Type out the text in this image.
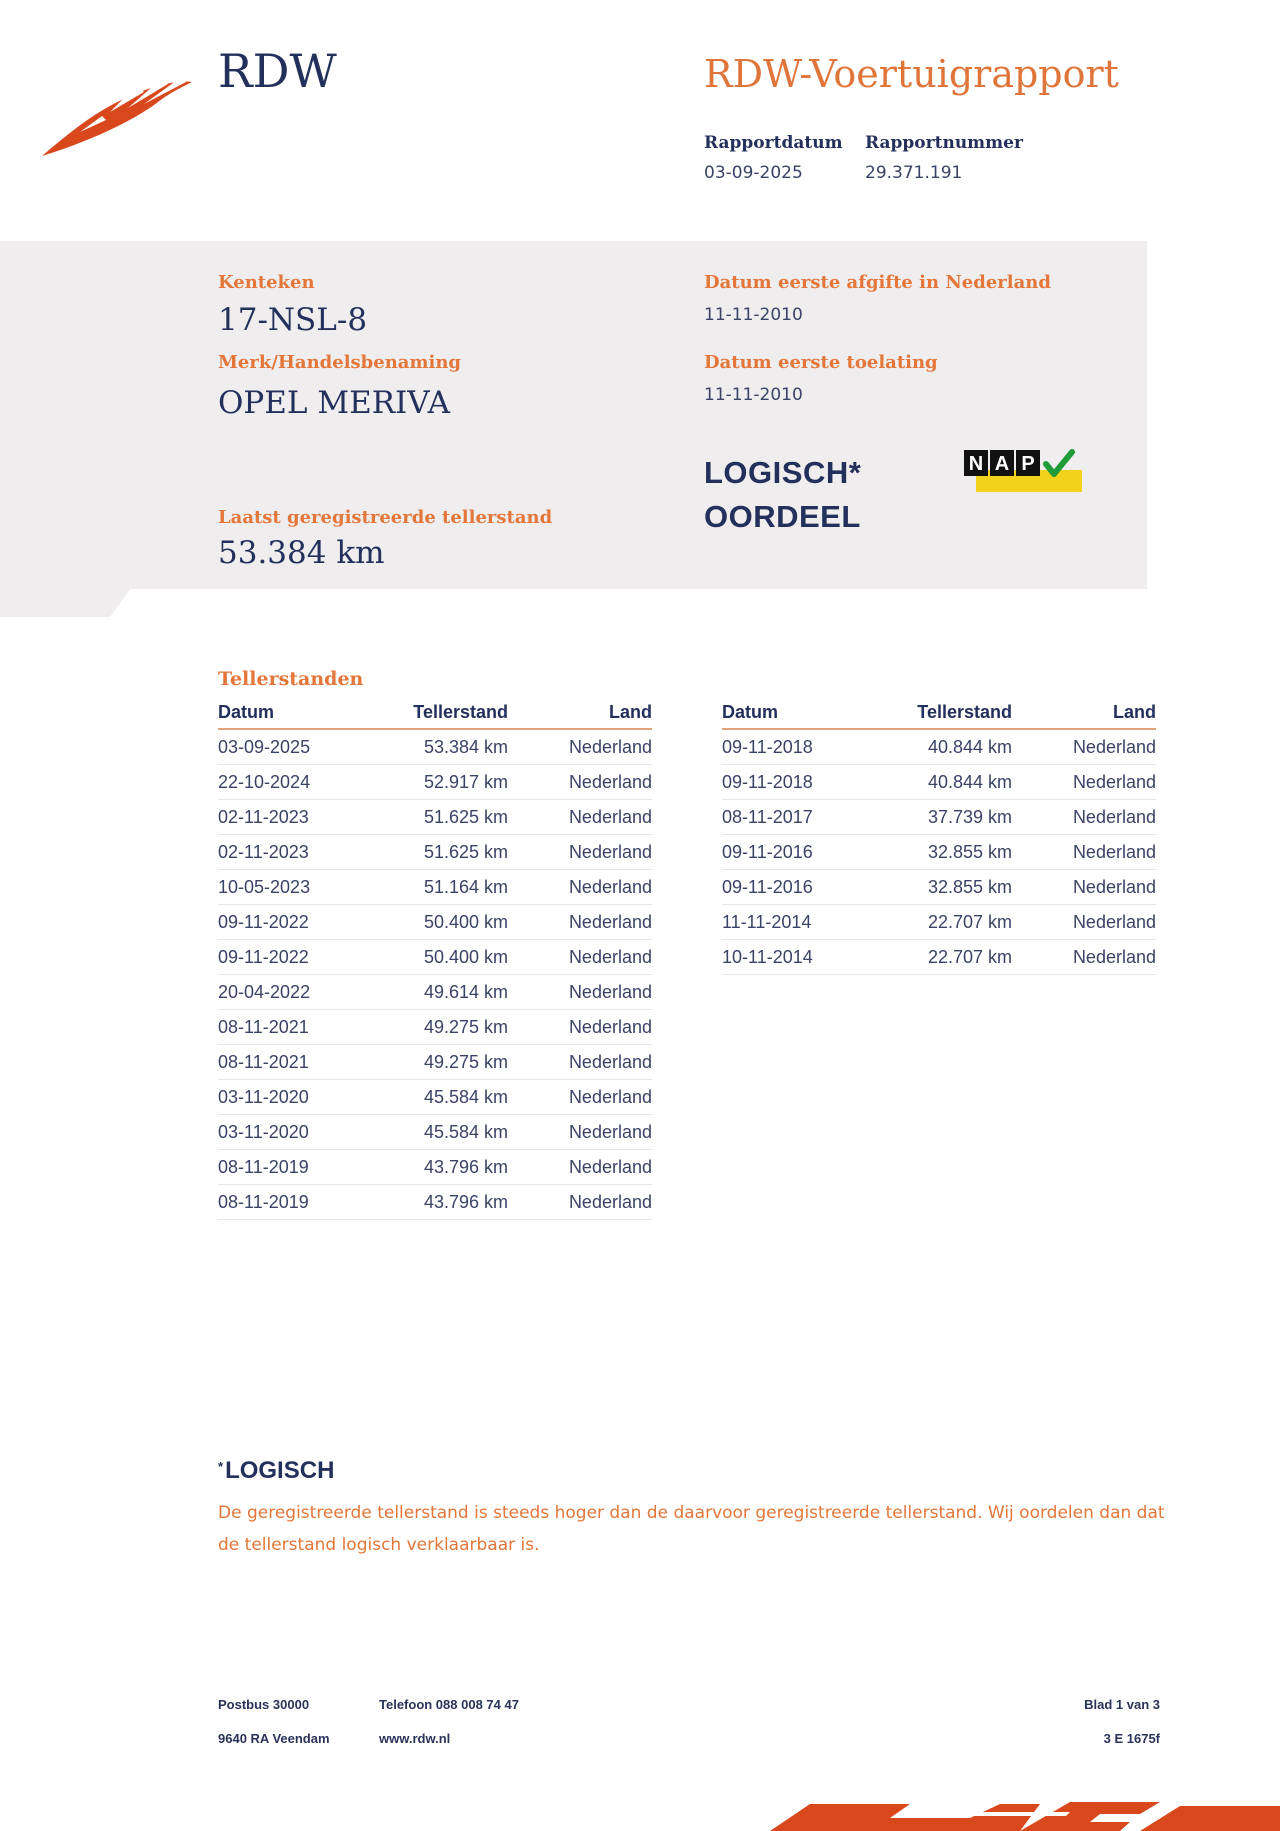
RDW	RDW-Voertuigrapport
Rapportdatum
03-09-2025
Rapportnummer
29.371.191
Kenteken
17-NSL-8
Merk/Handelsbenaming
OPEL MERIVA
Laatst geregistreerde tellerstand
53.384 km
Datum eerste afgifte in Nederland
11-11-2010
Datum eerste toelating
11-11-2010
LOGISCH*
OORDEEL
N A P
Tellerstanden
Datum	Tellerstand	Land
03-09-2025	53.384 km	Nederland
22-10-2024	52.917 km	Nederland
02-11-2023	51.625 km	Nederland
02-11-2023	51.625 km	Nederland
10-05-2023	51.164 km	Nederland
09-11-2022	50.400 km	Nederland
09-11-2022	50.400 km	Nederland
20-04-2022	49.614 km	Nederland
08-11-2021	49.275 km	Nederland
08-11-2021	49.275 km	Nederland
03-11-2020	45.584 km	Nederland
03-11-2020	45.584 km	Nederland
08-11-2019	43.796 km	Nederland
08-11-2019	43.796 km	Nederland
Datum	Tellerstand	Land
09-11-2018	40.844 km	Nederland
09-11-2018	40.844 km	Nederland
08-11-2017	37.739 km	Nederland
09-11-2016	32.855 km	Nederland
09-11-2016	32.855 km	Nederland
11-11-2014	22.707 km	Nederland
10-11-2014	22.707 km	Nederland
*LOGISCH
De geregistreerde tellerstand is steeds hoger dan de daarvoor geregistreerde tellerstand. Wij oordelen dan dat de tellerstand logisch verklaarbaar is.
Postbus 30000
9640 RA Veendam
Telefoon 088 008 74 47
www.rdw.nl
Blad 1 van 3
3 E 1675f
